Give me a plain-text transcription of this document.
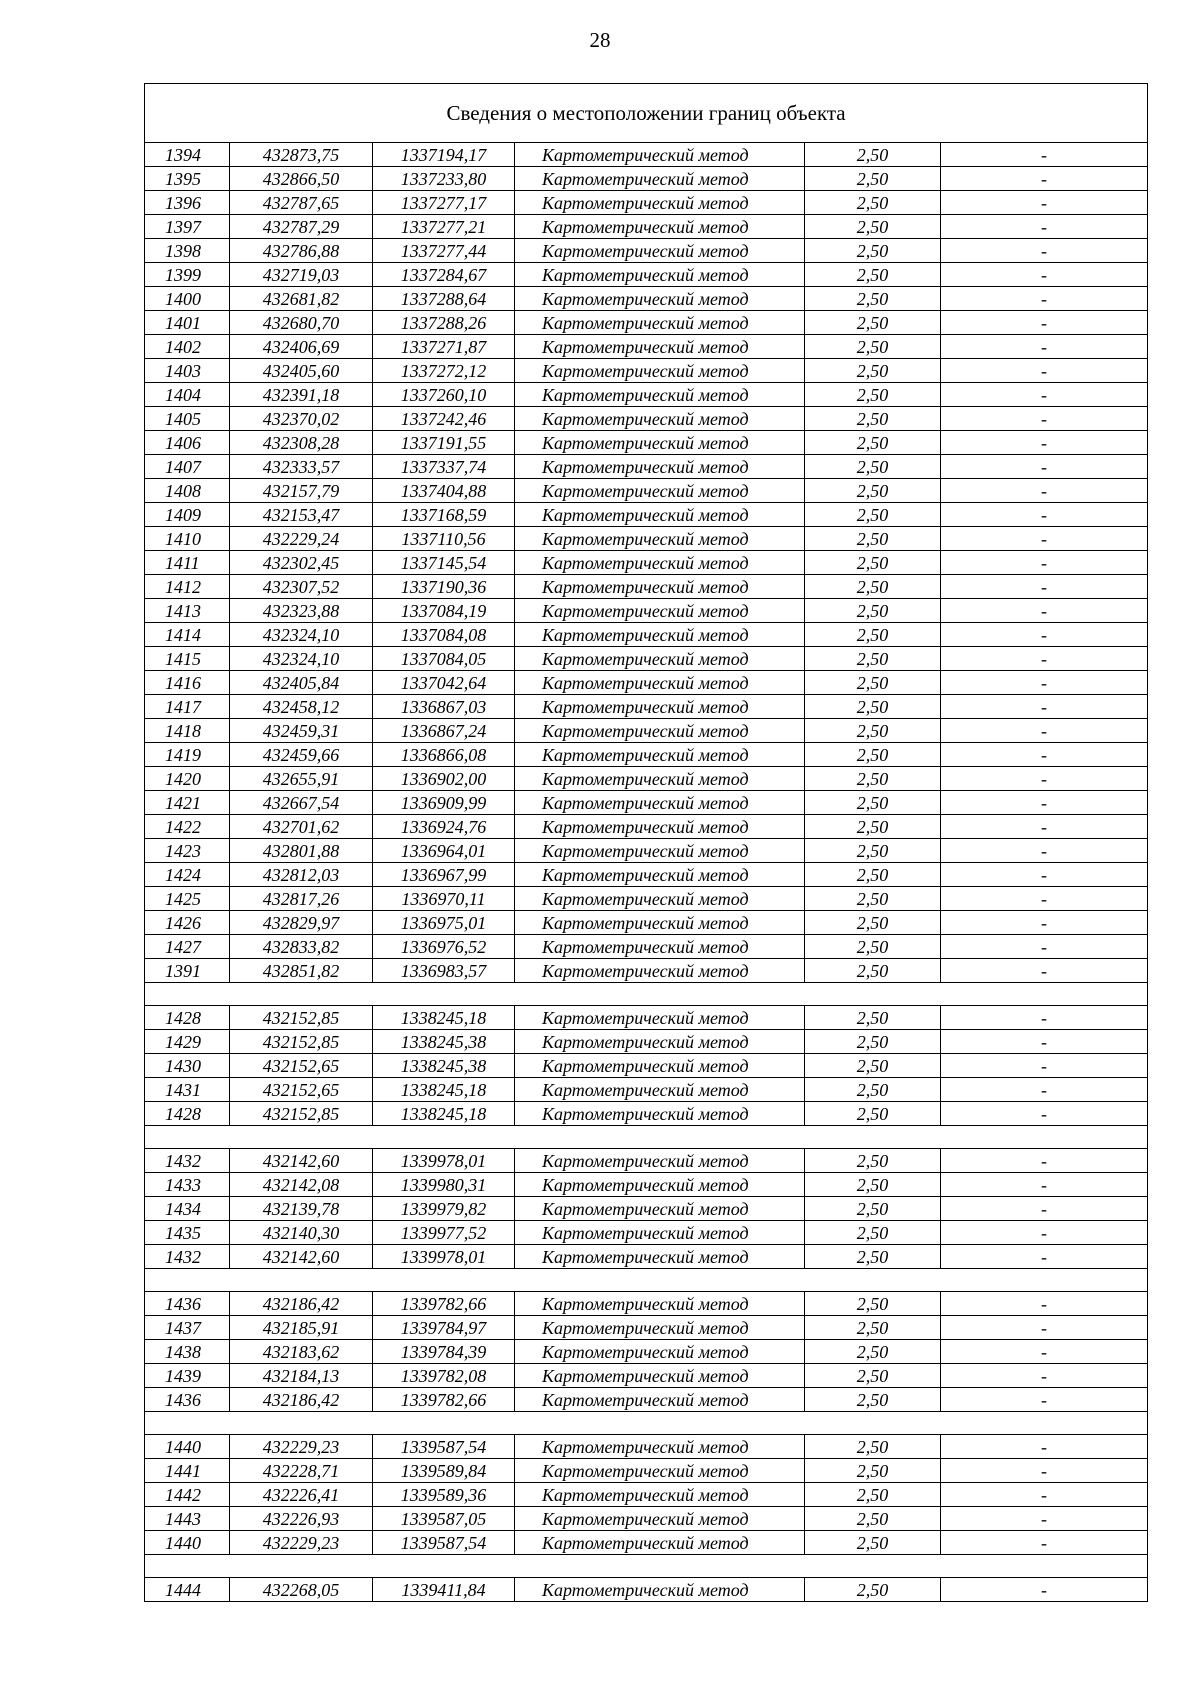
28
Сведения о местоположении границ объекта					
1394	432873,75	1337194,17	Картометрический метод	2,50	-
1395	432866,50	1337233,80	Картометрический метод	2,50	-
1396	432787,65	1337277,17	Картометрический метод	2,50	-
1397	432787,29	1337277,21	Картометрический метод	2,50	-
1398	432786,88	1337277,44	Картометрический метод	2,50	-
1399	432719,03	1337284,67	Картометрический метод	2,50	-
1400	432681,82	1337288,64	Картометрический метод	2,50	-
1401	432680,70	1337288,26	Картометрический метод	2,50	-
1402	432406,69	1337271,87	Картометрический метод	2,50	-
1403	432405,60	1337272,12	Картометрический метод	2,50	-
1404	432391,18	1337260,10	Картометрический метод	2,50	-
1405	432370,02	1337242,46	Картометрический метод	2,50	-
1406	432308,28	1337191,55	Картометрический метод	2,50	-
1407	432333,57	1337337,74	Картометрический метод	2,50	-
1408	432157,79	1337404,88	Картометрический метод	2,50	-
1409	432153,47	1337168,59	Картометрический метод	2,50	-
1410	432229,24	1337110,56	Картометрический метод	2,50	-
1411	432302,45	1337145,54	Картометрический метод	2,50	-
1412	432307,52	1337190,36	Картометрический метод	2,50	-
1413	432323,88	1337084,19	Картометрический метод	2,50	-
1414	432324,10	1337084,08	Картометрический метод	2,50	-
1415	432324,10	1337084,05	Картометрический метод	2,50	-
1416	432405,84	1337042,64	Картометрический метод	2,50	-
1417	432458,12	1336867,03	Картометрический метод	2,50	-
1418	432459,31	1336867,24	Картометрический метод	2,50	-
1419	432459,66	1336866,08	Картометрический метод	2,50	-
1420	432655,91	1336902,00	Картометрический метод	2,50	-
1421	432667,54	1336909,99	Картометрический метод	2,50	-
1422	432701,62	1336924,76	Картометрический метод	2,50	-
1423	432801,88	1336964,01	Картометрический метод	2,50	-
1424	432812,03	1336967,99	Картометрический метод	2,50	-
1425	432817,26	1336970,11	Картометрический метод	2,50	-
1426	432829,97	1336975,01	Картометрический метод	2,50	-
1427	432833,82	1336976,52	Картометрический метод	2,50	-
1391	432851,82	1336983,57	Картометрический метод	2,50	-

1428	432152,85	1338245,18	Картометрический метод	2,50	-
1429	432152,85	1338245,38	Картометрический метод	2,50	-
1430	432152,65	1338245,38	Картометрический метод	2,50	-
1431	432152,65	1338245,18	Картометрический метод	2,50	-
1428	432152,85	1338245,18	Картометрический метод	2,50	-

1432	432142,60	1339978,01	Картометрический метод	2,50	-
1433	432142,08	1339980,31	Картометрический метод	2,50	-
1434	432139,78	1339979,82	Картометрический метод	2,50	-
1435	432140,30	1339977,52	Картометрический метод	2,50	-
1432	432142,60	1339978,01	Картометрический метод	2,50	-

1436	432186,42	1339782,66	Картометрический метод	2,50	-
1437	432185,91	1339784,97	Картометрический метод	2,50	-
1438	432183,62	1339784,39	Картометрический метод	2,50	-
1439	432184,13	1339782,08	Картометрический метод	2,50	-
1436	432186,42	1339782,66	Картометрический метод	2,50	-

1440	432229,23	1339587,54	Картометрический метод	2,50	-
1441	432228,71	1339589,84	Картометрический метод	2,50	-
1442	432226,41	1339589,36	Картометрический метод	2,50	-
1443	432226,93	1339587,05	Картометрический метод	2,50	-
1440	432229,23	1339587,54	Картометрический метод	2,50	-

1444	432268,05	1339411,84	Картометрический метод	2,50	-
